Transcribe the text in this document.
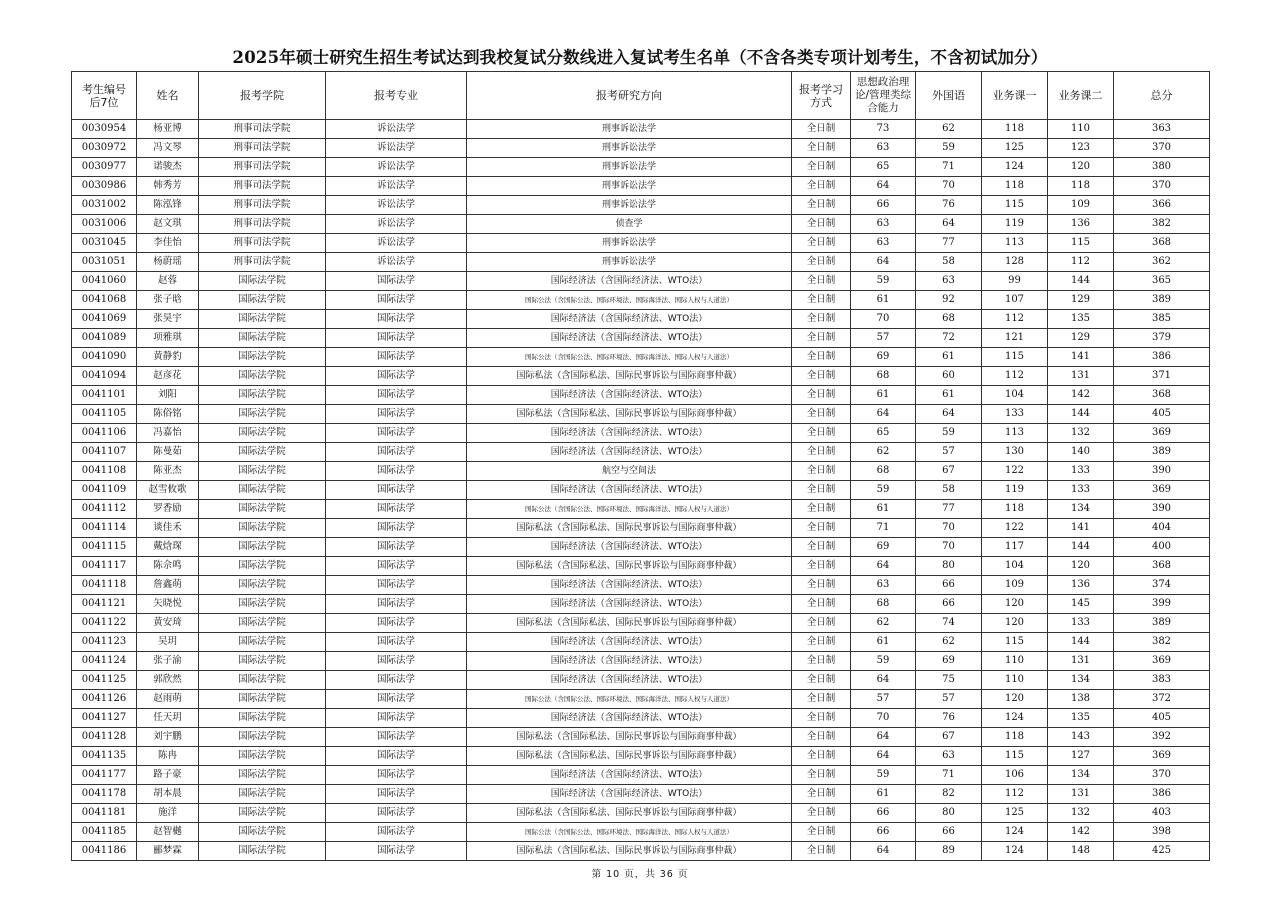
2025年硕士研究生招生考试达到我校复试分数线进入复试考生名单（不含各类专项计划考生，不含初试加分）
考生编号后7位	姓名	报考学院	报考专业	报考研究方向	报考学习方式	思想政治理论/管理类综合能力	外国语	业务课一	业务课二	总分
0030954	杨亚博	刑事司法学院	诉讼法学	刑事诉讼法学	全日制	73	62	118	110	363
0030972	冯文琴	刑事司法学院	诉讼法学	刑事诉讼法学	全日制	63	59	125	123	370
0030977	诺骏杰	刑事司法学院	诉讼法学	刑事诉讼法学	全日制	65	71	124	120	380
0030986	韩秀芳	刑事司法学院	诉讼法学	刑事诉讼法学	全日制	64	70	118	118	370
0031002	陈泓锋	刑事司法学院	诉讼法学	刑事诉讼法学	全日制	66	76	115	109	366
0031006	赵文琪	刑事司法学院	诉讼法学	侦查学	全日制	63	64	119	136	382
0031045	李佳怡	刑事司法学院	诉讼法学	刑事诉讼法学	全日制	63	77	113	115	368
0031051	杨蔚瑶	刑事司法学院	诉讼法学	刑事诉讼法学	全日制	64	58	128	112	362
0041060	赵蓉	国际法学院	国际法学	国际经济法（含国际经济法、WTO法）	全日制	59	63	99	144	365
0041068	张子晗	国际法学院	国际法学	国际公法（含国际公法、国际环境法、国际海洋法、国际人权与人道法）	全日制	61	92	107	129	389
0041069	张昊宇	国际法学院	国际法学	国际经济法（含国际经济法、WTO法）	全日制	70	68	112	135	385
0041089	项雅琪	国际法学院	国际法学	国际经济法（含国际经济法、WTO法）	全日制	57	72	121	129	379
0041090	黄静豹	国际法学院	国际法学	国际公法（含国际公法、国际环境法、国际海洋法、国际人权与人道法）	全日制	69	61	115	141	386
0041094	赵彦花	国际法学院	国际法学	国际私法（含国际私法、国际民事诉讼与国际商事仲裁）	全日制	68	60	112	131	371
0041101	刘阳	国际法学院	国际法学	国际经济法（含国际经济法、WTO法）	全日制	61	61	104	142	368
0041105	陈俗铭	国际法学院	国际法学	国际私法（含国际私法、国际民事诉讼与国际商事仲裁）	全日制	64	64	133	144	405
0041106	冯嘉怡	国际法学院	国际法学	国际经济法（含国际经济法、WTO法）	全日制	65	59	113	132	369
0041107	陈曼茹	国际法学院	国际法学	国际经济法（含国际经济法、WTO法）	全日制	62	57	130	140	389
0041108	陈亚杰	国际法学院	国际法学	航空与空间法	全日制	68	67	122	133	390
0041109	赵雪攸歌	国际法学院	国际法学	国际经济法（含国际经济法、WTO法）	全日制	59	58	119	133	369
0041112	罗香励	国际法学院	国际法学	国际公法（含国际公法、国际环境法、国际海洋法、国际人权与人道法）	全日制	61	77	118	134	390
0041114	谈佳禾	国际法学院	国际法学	国际私法（含国际私法、国际民事诉讼与国际商事仲裁）	全日制	71	70	122	141	404
0041115	戴焓琛	国际法学院	国际法学	国际经济法（含国际经济法、WTO法）	全日制	69	70	117	144	400
0041117	陈佘鸣	国际法学院	国际法学	国际私法（含国际私法、国际民事诉讼与国际商事仲裁）	全日制	64	80	104	120	368
0041118	詹鑫萌	国际法学院	国际法学	国际经济法（含国际经济法、WTO法）	全日制	63	66	109	136	374
0041121	矢晓悦	国际法学院	国际法学	国际经济法（含国际经济法、WTO法）	全日制	68	66	120	145	399
0041122	黄安琦	国际法学院	国际法学	国际私法（含国际私法、国际民事诉讼与国际商事仲裁）	全日制	62	74	120	133	389
0041123	吴玥	国际法学院	国际法学	国际经济法（含国际经济法、WTO法）	全日制	61	62	115	144	382
0041124	张子渝	国际法学院	国际法学	国际经济法（含国际经济法、WTO法）	全日制	59	69	110	131	369
0041125	郭欣然	国际法学院	国际法学	国际经济法（含国际经济法、WTO法）	全日制	64	75	110	134	383
0041126	赵雨萌	国际法学院	国际法学	国际公法（含国际公法、国际环境法、国际海洋法、国际人权与人道法）	全日制	57	57	120	138	372
0041127	任天玥	国际法学院	国际法学	国际经济法（含国际经济法、WTO法）	全日制	70	76	124	135	405
0041128	刘宇鹏	国际法学院	国际法学	国际私法（含国际私法、国际民事诉讼与国际商事仲裁）	全日制	64	67	118	143	392
0041135	陈冉	国际法学院	国际法学	国际私法（含国际私法、国际民事诉讼与国际商事仲裁）	全日制	64	63	115	127	369
0041177	路子豪	国际法学院	国际法学	国际经济法（含国际经济法、WTO法）	全日制	59	71	106	134	370
0041178	胡本晨	国际法学院	国际法学	国际经济法（含国际经济法、WTO法）	全日制	61	82	112	131	386
0041181	施洋	国际法学院	国际法学	国际私法（含国际私法、国际民事诉讼与国际商事仲裁）	全日制	66	80	125	132	403
0041185	赵智樾	国际法学院	国际法学	国际公法（含国际公法、国际环境法、国际海洋法、国际人权与人道法）	全日制	66	66	124	142	398
0041186	郦梦霖	国际法学院	国际法学	国际私法（含国际私法、国际民事诉讼与国际商事仲裁）	全日制	64	89	124	148	425
第 10 页，共 36 页
